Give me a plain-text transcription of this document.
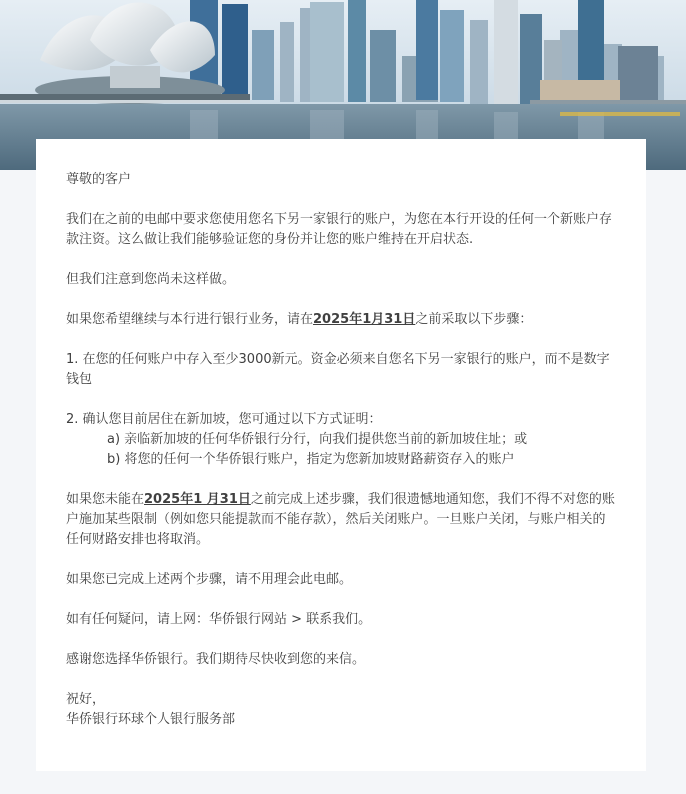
尊敬的客户

我们在之前的电邮中要求您使用您名下另一家银行的账户，为您在本行开设的任何一个新账户存款注资。这么做让我们能够验证您的身份并让您的账户维持在开启状态.

但我们注意到您尚未这样做。

如果您希望继续与本行进行银行业务，请在2025年1月31日之前采取以下步骤：

1. 在您的任何账户中存入至少3000新元。资金必须来自您名下另一家银行的账户，而不是数字钱包

2. 确认您目前居住在新加坡，您可通过以下方式证明：

a) 亲临新加坡的任何华侨银行分行，向我们提供您当前的新加坡住址；或
b) 将您的任何一个华侨银行账户，指定为您新加坡财路薪资存入的账户

如果您未能在2025年1 月31日之前完成上述步骤，我们很遗憾地通知您，我们不得不对您的账户施加某些限制（例如您只能提款而不能存款），然后关闭账户。一旦账户关闭，与账户相关的任何财路安排也将取消。

如果您已完成上述两个步骤，请不用理会此电邮。

如有任何疑问，请上网：华侨银行网站 > 联系我们。

感谢您选择华侨银行。我们期待尽快收到您的来信。

祝好，

华侨银行环球个人银行服务部
